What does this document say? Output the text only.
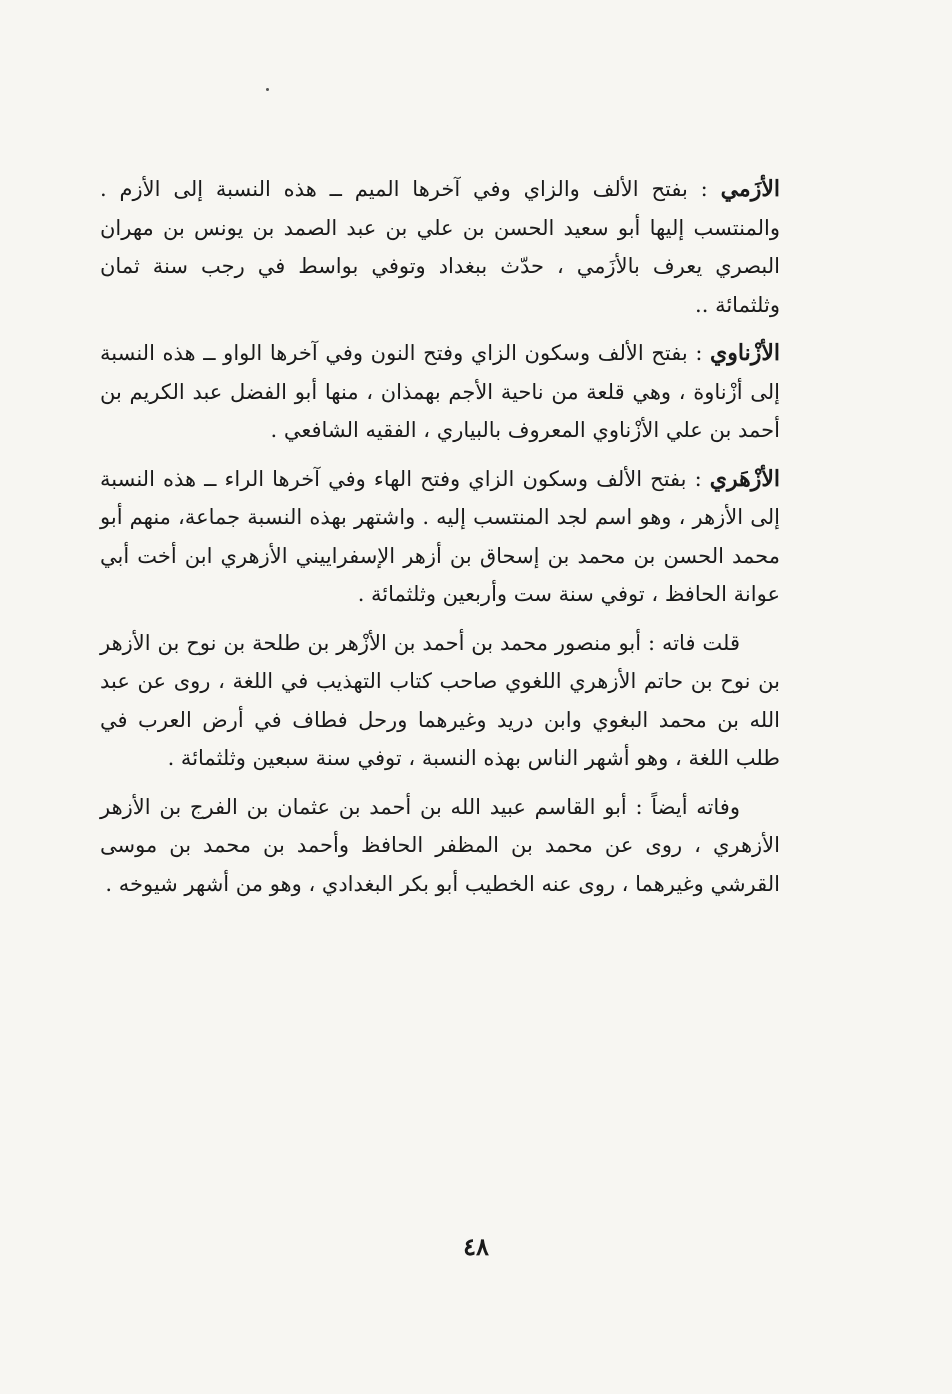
الأزَمي : بفتح الألف والزاي وفي آخرها الميم ــ هذه النسبة إلى الأزم . والمنتسب إليها أبو سعيد الحسن بن علي بن عبد الصمد بن يونس بن مهران البصري يعرف بالأزَمي ، حدّث ببغداد وتوفي بواسط في رجب سنة ثمان وثلثمائة ..

الأزْناوي : بفتح الألف وسكون الزاي وفتح النون وفي آخرها الواو ــ هذه النسبة إلى أزْناوة ، وهي قلعة من ناحية الأجم بهمذان ، منها أبو الفضل عبد الكريم بن أحمد بن علي الأزْناوي المعروف بالبياري ، الفقيه الشافعي .

الأزْهَري : بفتح الألف وسكون الزاي وفتح الهاء وفي آخرها الراء ــ هذه النسبة إلى الأزهر ، وهو اسم لجد المنتسب إليه . واشتهر بهذه النسبة جماعة، منهم أبو محمد الحسن بن محمد بن إسحاق بن أزهر الإسفراييني الأزهري ابن أخت أبي عوانة الحافظ ، توفي سنة ست وأربعين وثلثمائة .

قلت فاته : أبو منصور محمد بن أحمد بن الأزْهر بن طلحة بن نوح بن الأزهر بن نوح بن حاتم الأزهري اللغوي صاحب كتاب التهذيب في اللغة ، روى عن عبد الله بن محمد البغوي وابن دريد وغيرهما ورحل فطاف في أرض العرب في طلب اللغة ، وهو أشهر الناس بهذه النسبة ، توفي سنة سبعين وثلثمائة .

وفاته أيضاً : أبو القاسم عبيد الله بن أحمد بن عثمان بن الفرج بن الأزهر الأزهري ، روى عن محمد بن المظفر الحافظ وأحمد بن محمد بن موسى القرشي وغيرهما ، روى عنه الخطيب أبو بكر البغدادي ، وهو من أشهر شيوخه .

٤٨
